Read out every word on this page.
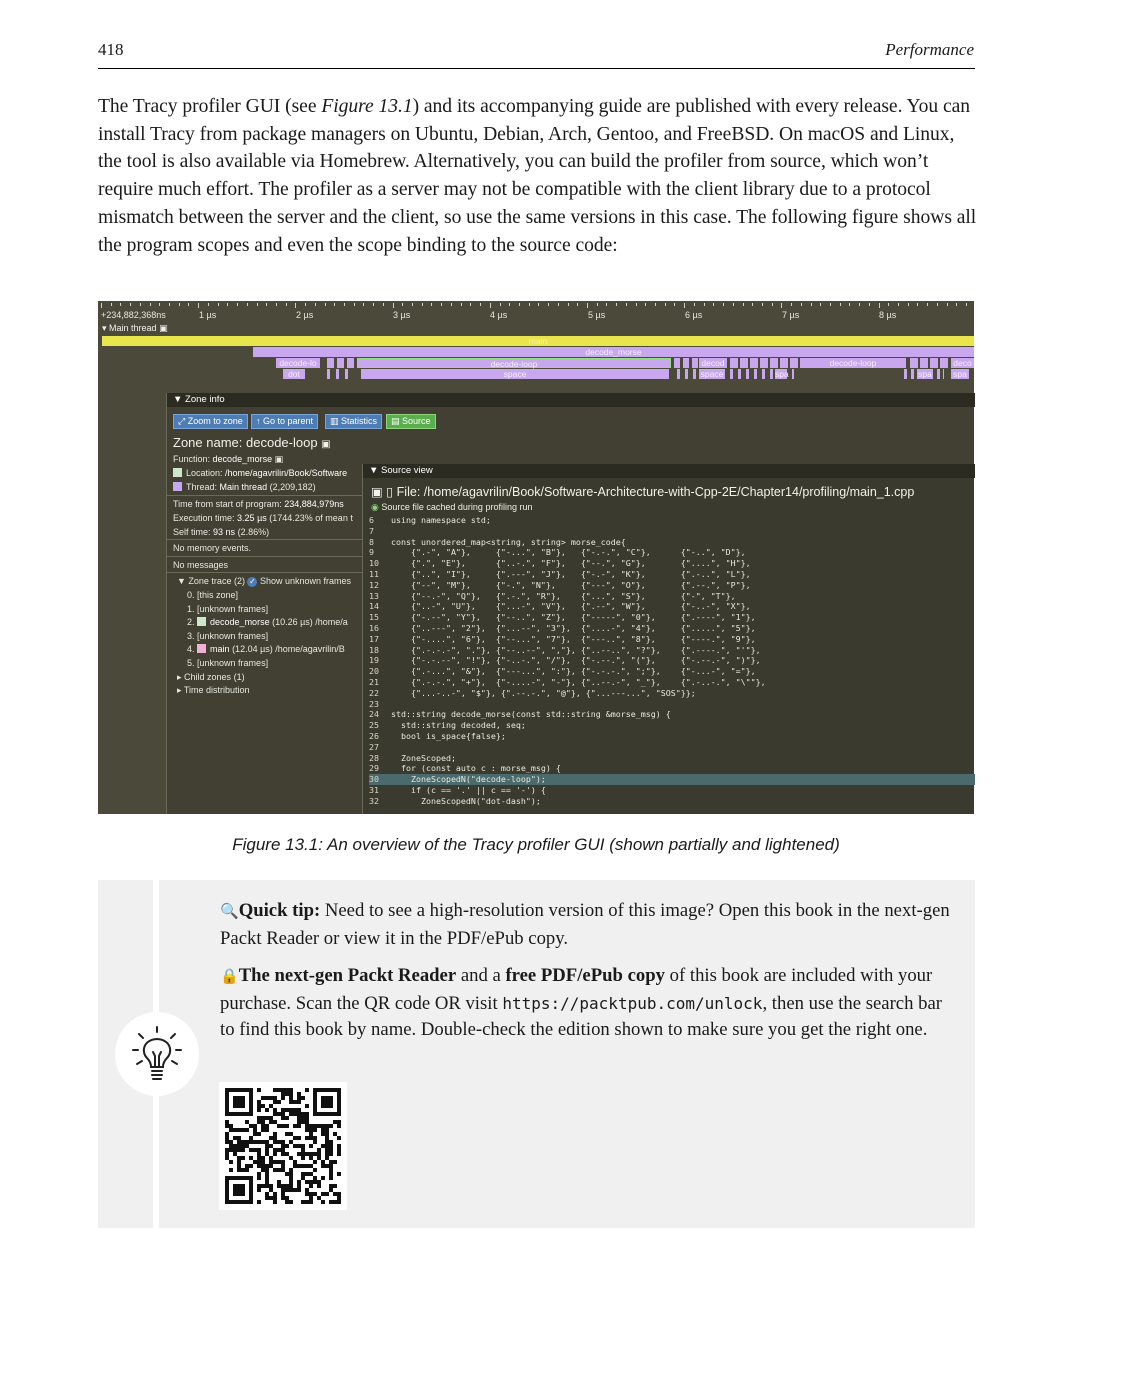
418	Performance
The Tracy profiler GUI (see Figure 13.1) and its accompanying guide are published with every release. You can install Tracy from package managers on Ubuntu, Debian, Arch, Gentoo, and FreeBSD. On macOS and Linux, the tool is also available via Homebrew. Alternatively, you can build the profiler from source, which won’t require much effort. The profiler as a server may not be compatible with the client library due to a protocol mismatch between the server and the client, so use the same versions in this case. The following figure shows all the program scopes and even the scope binding to the source code:
+234,882,368ns	1 µs	2 µs	3 µs	4 µs	5 µs	6 µs	7 µs	8 µs
▾ Main thread ▣
main
decode_morse
decode-lo	decode-loop	decod	decode-loop	deco
dot	space	space	spa	spa	spa
▼ Zone info
⤢ Zoom to zone	↑ Go to parent	▥ Statistics	▤ Source
Zone name: decode-loop ▣
Function: decode_morse ▣
Location: /home/agavrilin/Book/Software
Thread: Main thread (2,209,182)
Time from start of program: 234,884,979ns
Execution time: 3.25 µs (1744.23% of mean t
Self time: 93 ns (2.86%)
No memory events.
No messages
▼ Zone trace (2) ✓ Show unknown frames
0. [this zone]
1. [unknown frames]
2. decode_morse (10.26 µs) /home/a
3. [unknown frames]
4. main (12.04 µs) /home/agavrilin/B
5. [unknown frames]
▸ Child zones (1)
▸ Time distribution
▼ Source view
▣ ▯ File: /home/agavrilin/Book/Software-Architecture-with-Cpp-2E/Chapter14/profiling/main_1.cpp
◉ Source file cached during profiling run
6 using namespace std;
7
8 const unordered_map<string, string> morse_code{
9    {".-", "A"},     {"-...", "B"},   {"-.-.", "C"},      {"-..", "D"},
10    {".", "E"},      {"..-.", "F"},   {"--.", "G"},       {"....", "H"},
11    {"..", "I"},     {".---", "J"},   {"-.-", "K"},       {".-..", "L"},
12    {"--", "M"},     {"-.", "N"},     {"---", "O"},       {".--.", "P"},
13    {"--.-", "Q"},   {".-.", "R"},    {"...", "S"},       {"-", "T"},
14    {"..-", "U"},    {"...-", "V"},   {".--", "W"},       {"-..-", "X"},
15    {"-.--", "Y"},   {"--..", "Z"},   {"-----", "0"},     {".----", "1"},
16    {"..---", "2"},  {"...--", "3"},  {"....-", "4"},     {".....", "5"},
17    {"-....", "6"},  {"--...", "7"},  {"---..", "8"},     {"----.", "9"},
18    {".-.-.-", "."}, {"--..--", ","}, {"..--..", "?"},    {".----.", "'"},
19    {"-.-.--", "!"}, {"-..-.", "/"},  {"-.--.", "("},     {"-.--.-", ")"},
20    {".-...", "&"},  {"---...", ":"}, {"-.-.-.", ";"},    {"-...-", "="},
21    {".-.-.", "+"},  {"-....-", "-"}, {"..--.-", "_"},    {".-..-.", "\""},
22    {"...-..-", "$"}, {".--.-.", "@"}, {"...---...", "SOS"}};
23
24 std::string decode_morse(const std::string &morse_msg) {
25  std::string decoded, seq;
26  bool is_space{false};
27
28  ZoneScoped;
29  for (const auto c : morse_msg) {
30    ZoneScopedN("decode-loop");
31    if (c == '.' || c == '-') {
32      ZoneScopedN("dot-dash");
Figure 13.1: An overview of the Tracy profiler GUI (shown partially and lightened)
🔍Quick tip: Need to see a high-resolution version of this image? Open this book in the next-gen Packt Reader or view it in the PDF/ePub copy.
🔒The next-gen Packt Reader and a free PDF/ePub copy of this book are included with your purchase. Scan the QR code OR visit https://packtpub.com/unlock, then use the search bar to find this book by name. Double-check the edition shown to make sure you get the right one.
